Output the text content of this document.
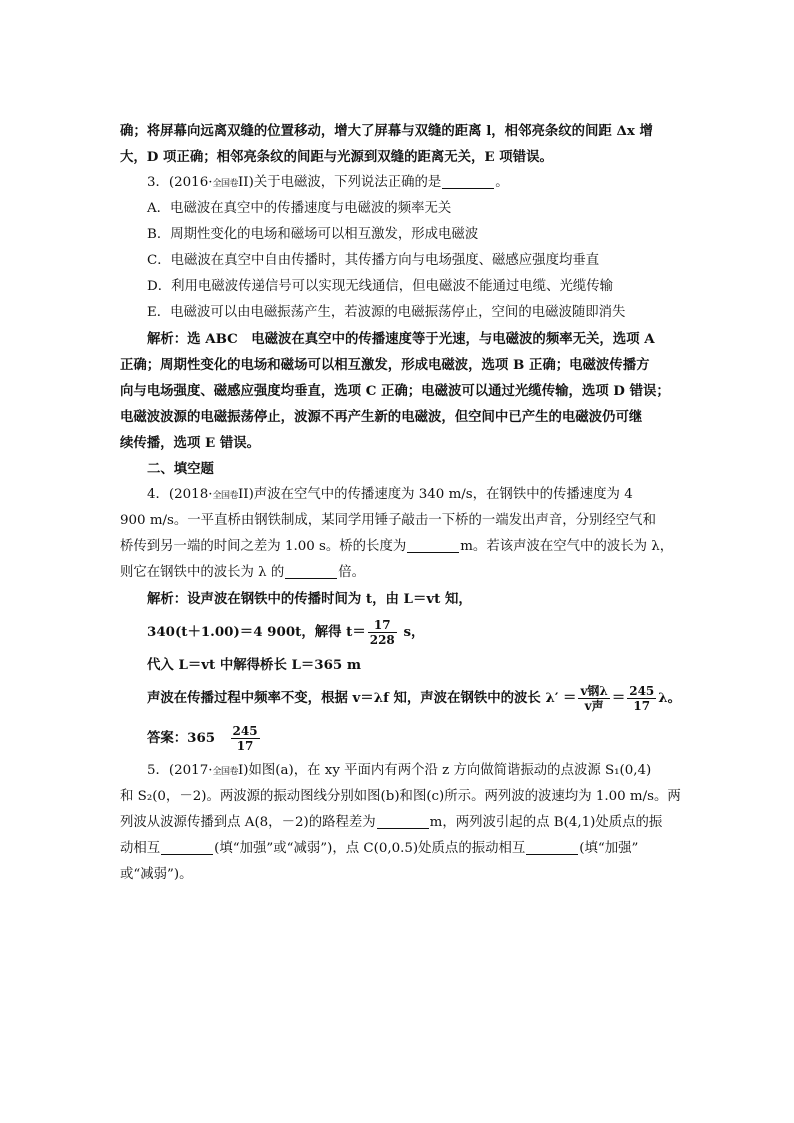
确；将屏幕向远离双缝的位置移动，增大了屏幕与双缝的距离 l，相邻亮条纹的间距 Δx 增
大，D 项正确；相邻亮条纹的间距与光源到双缝的距离无关，E 项错误。
3．(2016·全国卷II)关于电磁波，下列说法正确的是	。
A．电磁波在真空中的传播速度与电磁波的频率无关
B．周期性变化的电场和磁场可以相互激发，形成电磁波
C．电磁波在真空中自由传播时，其传播方向与电场强度、磁感应强度均垂直
D．利用电磁波传递信号可以实现无线通信，但电磁波不能通过电缆、光缆传输
E．电磁波可以由电磁振荡产生，若波源的电磁振荡停止，空间的电磁波随即消失
解析：选 ABC　电磁波在真空中的传播速度等于光速，与电磁波的频率无关，选项 A
正确；周期性变化的电场和磁场可以相互激发，形成电磁波，选项 B 正确；电磁波传播方
向与电场强度、磁感应强度均垂直，选项 C 正确；电磁波可以通过光缆传输，选项 D 错误；
电磁波波源的电磁振荡停止，波源不再产生新的电磁波，但空间中已产生的电磁波仍可继
续传播，选项 E 错误。
二、填空题
4．(2018·全国卷II)声波在空气中的传播速度为 340 m/s，在钢铁中的传播速度为 4
900 m/s。一平直桥由钢铁制成，某同学用锤子敲击一下桥的一端发出声音，分别经空气和
桥传到另一端的时间之差为 1.00 s。桥的长度为	m。若该声波在空气中的波长为 λ，
则它在钢铁中的波长为 λ 的	倍。
解析：设声波在钢铁中的传播时间为 t，由 L＝vt 知，
340(t＋1.00)＝4 900t，解得 $t= \frac{17}{228}$ s，
代入 L＝vt 中解得桥长 L＝365 m
声波在传播过程中频率不变，根据 v＝λf 知，声波在钢铁中的波长 $\lambda' = \frac{\text{v钢λ}}{\text{v声}} = \frac{245}{17}$ λ。
答案：365　 $\frac{245}{17}$
5．(2017·全国卷I)如图(a)，在 xy 平面内有两个沿 z 方向做简谐振动的点波源 S₁(0,4)
和 S₂(0，－2)。两波源的振动图线分别如图(b)和图(c)所示。两列波的波速均为 1.00 m/s。两
列波从波源传播到点 A(8，－2)的路程差为	m，两列波引起的点 B(4,1)处质点的振
动相互	(填“加强”或“减弱”)，点 C(0,0.5)处质点的振动相互	(填“加强”
或“减弱”)。
